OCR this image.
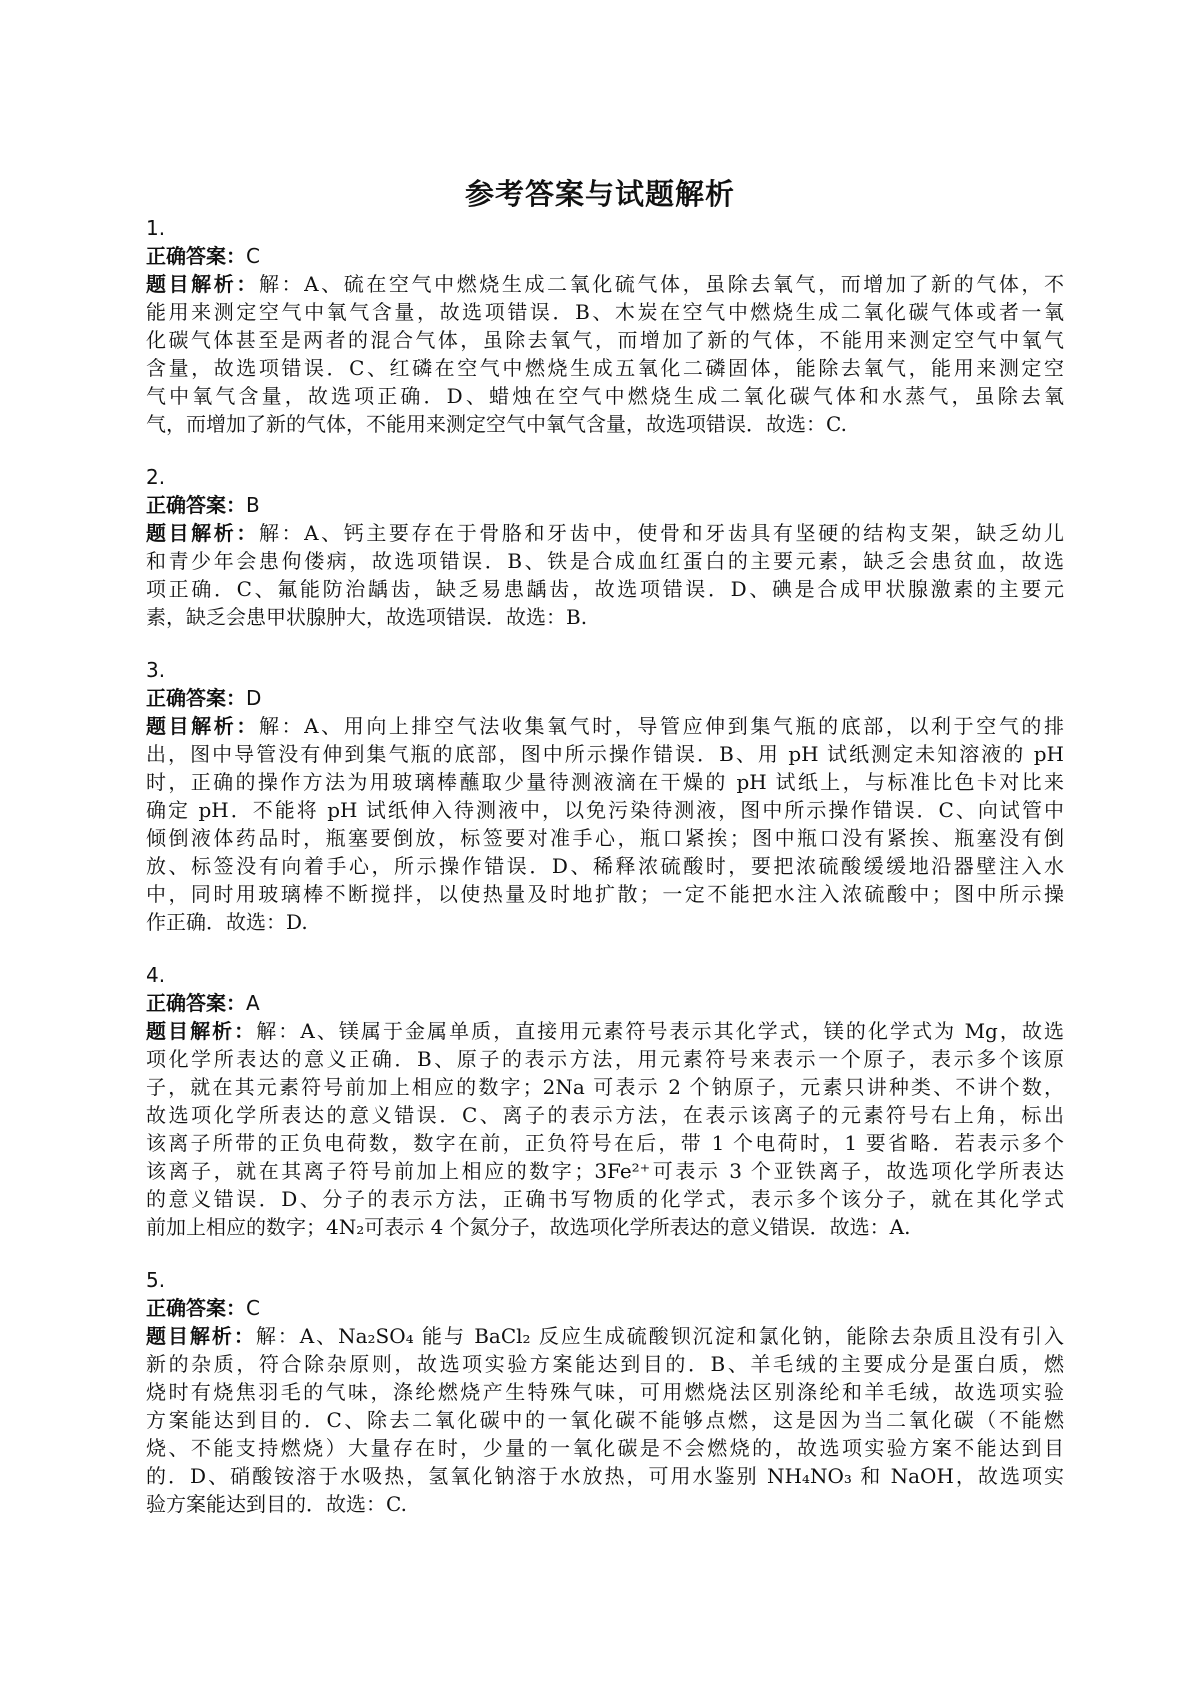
参考答案与试题解析
1.
正确答案：C
题目解析：解：A、硫在空气中燃烧生成二氧化硫气体，虽除去氧气，而增加了新的气体，不
能用来测定空气中氧气含量，故选项错误．B、木炭在空气中燃烧生成二氧化碳气体或者一氧
化碳气体甚至是两者的混合气体，虽除去氧气，而增加了新的气体，不能用来测定空气中氧气
含量，故选项错误．C、红磷在空气中燃烧生成五氧化二磷固体，能除去氧气，能用来测定空
气中氧气含量，故选项正确．D、蜡烛在空气中燃烧生成二氧化碳气体和水蒸气，虽除去氧
气，而增加了新的气体，不能用来测定空气中氧气含量，故选项错误．故选：C.
2.
正确答案：B
题目解析：解：A、钙主要存在于骨胳和牙齿中，使骨和牙齿具有坚硬的结构支架，缺乏幼儿
和青少年会患佝偻病，故选项错误．B、铁是合成血红蛋白的主要元素，缺乏会患贫血，故选
项正确．C、氟能防治龋齿，缺乏易患龋齿，故选项错误．D、碘是合成甲状腺激素的主要元
素，缺乏会患甲状腺肿大，故选项错误．故选：B.
3.
正确答案：D
题目解析：解：A、用向上排空气法收集氧气时，导管应伸到集气瓶的底部，以利于空气的排
出，图中导管没有伸到集气瓶的底部，图中所示操作错误．B、用 pH 试纸测定未知溶液的 pH
时，正确的操作方法为用玻璃棒蘸取少量待测液滴在干燥的 pH 试纸上，与标准比色卡对比来
确定 pH．不能将 pH 试纸伸入待测液中，以免污染待测液，图中所示操作错误．C、向试管中
倾倒液体药品时，瓶塞要倒放，标签要对准手心，瓶口紧挨；图中瓶口没有紧挨、瓶塞没有倒
放、标签没有向着手心，所示操作错误．D、稀释浓硫酸时，要把浓硫酸缓缓地沿器壁注入水
中，同时用玻璃棒不断搅拌，以使热量及时地扩散；一定不能把水注入浓硫酸中；图中所示操
作正确．故选：D.
4.
正确答案：A
题目解析：解：A、镁属于金属单质，直接用元素符号表示其化学式，镁的化学式为 Mg，故选
项化学所表达的意义正确．B、原子的表示方法，用元素符号来表示一个原子，表示多个该原
子，就在其元素符号前加上相应的数字；2Na 可表示 2 个钠原子，元素只讲种类、不讲个数，
故选项化学所表达的意义错误．C、离子的表示方法，在表示该离子的元素符号右上角，标出
该离子所带的正负电荷数，数字在前，正负符号在后，带 1 个电荷时，1 要省略．若表示多个
该离子，就在其离子符号前加上相应的数字；3Fe²⁺可表示 3 个亚铁离子，故选项化学所表达
的意义错误．D、分子的表示方法，正确书写物质的化学式，表示多个该分子，就在其化学式
前加上相应的数字；4N₂可表示 4 个氮分子，故选项化学所表达的意义错误．故选：A.
5.
正确答案：C
题目解析：解：A、Na₂SO₄ 能与 BaCl₂ 反应生成硫酸钡沉淀和氯化钠，能除去杂质且没有引入
新的杂质，符合除杂原则，故选项实验方案能达到目的．B、羊毛绒的主要成分是蛋白质，燃
烧时有烧焦羽毛的气味，涤纶燃烧产生特殊气味，可用燃烧法区别涤纶和羊毛绒，故选项实验
方案能达到目的．C、除去二氧化碳中的一氧化碳不能够点燃，这是因为当二氧化碳（不能燃
烧、不能支持燃烧）大量存在时，少量的一氧化碳是不会燃烧的，故选项实验方案不能达到目
的．D、硝酸铵溶于水吸热，氢氧化钠溶于水放热，可用水鉴别 NH₄NO₃ 和 NaOH，故选项实
验方案能达到目的．故选：C.
